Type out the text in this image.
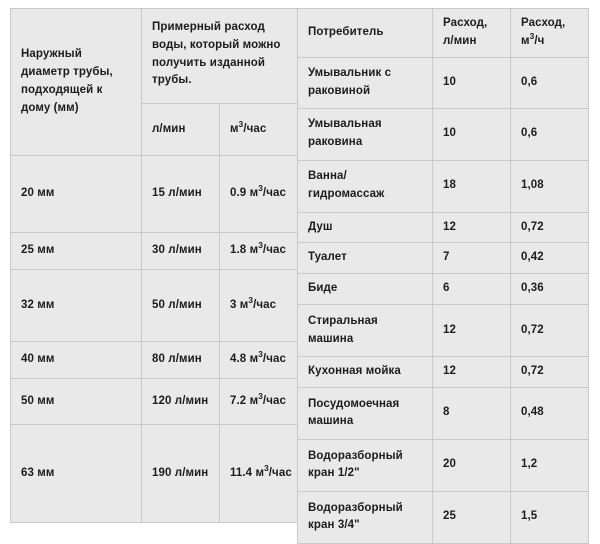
Наружный диаметр трубы, подходящей к дому (мм)	Примерный расход воды, который можно получить изданной трубы.	
	л/мин	$м^3$/час
20 мм	15 л/мин	0.9 $м^3$/час
25 мм	30 л/мин	1.8 $м^3$/час
32 мм	50 л/мин	3 $м^3$/час
40 мм	80 л/мин	4.8 $м^3$/час
50 мм	120 л/мин	7.2 $м^3$/час
63 мм	190 л/мин	11.4 $м^3$/час
Потребитель	Расход, л/мин	Расход, $м^3/ч$
Умывальник с раковиной	10	0,6
Умывальная раковина	10	0,6
Ванна/ гидромассаж	18	1,08
Душ	12	0,72
Туалет	7	0,42
Биде	6	0,36
Стиральная машина	12	0,72
Кухонная мойка	12	0,72
Посудомоечная машина	8	0,48
Водоразборный кран 1/2"	20	1,2
Водоразборный кран 3/4"	25	1,5
